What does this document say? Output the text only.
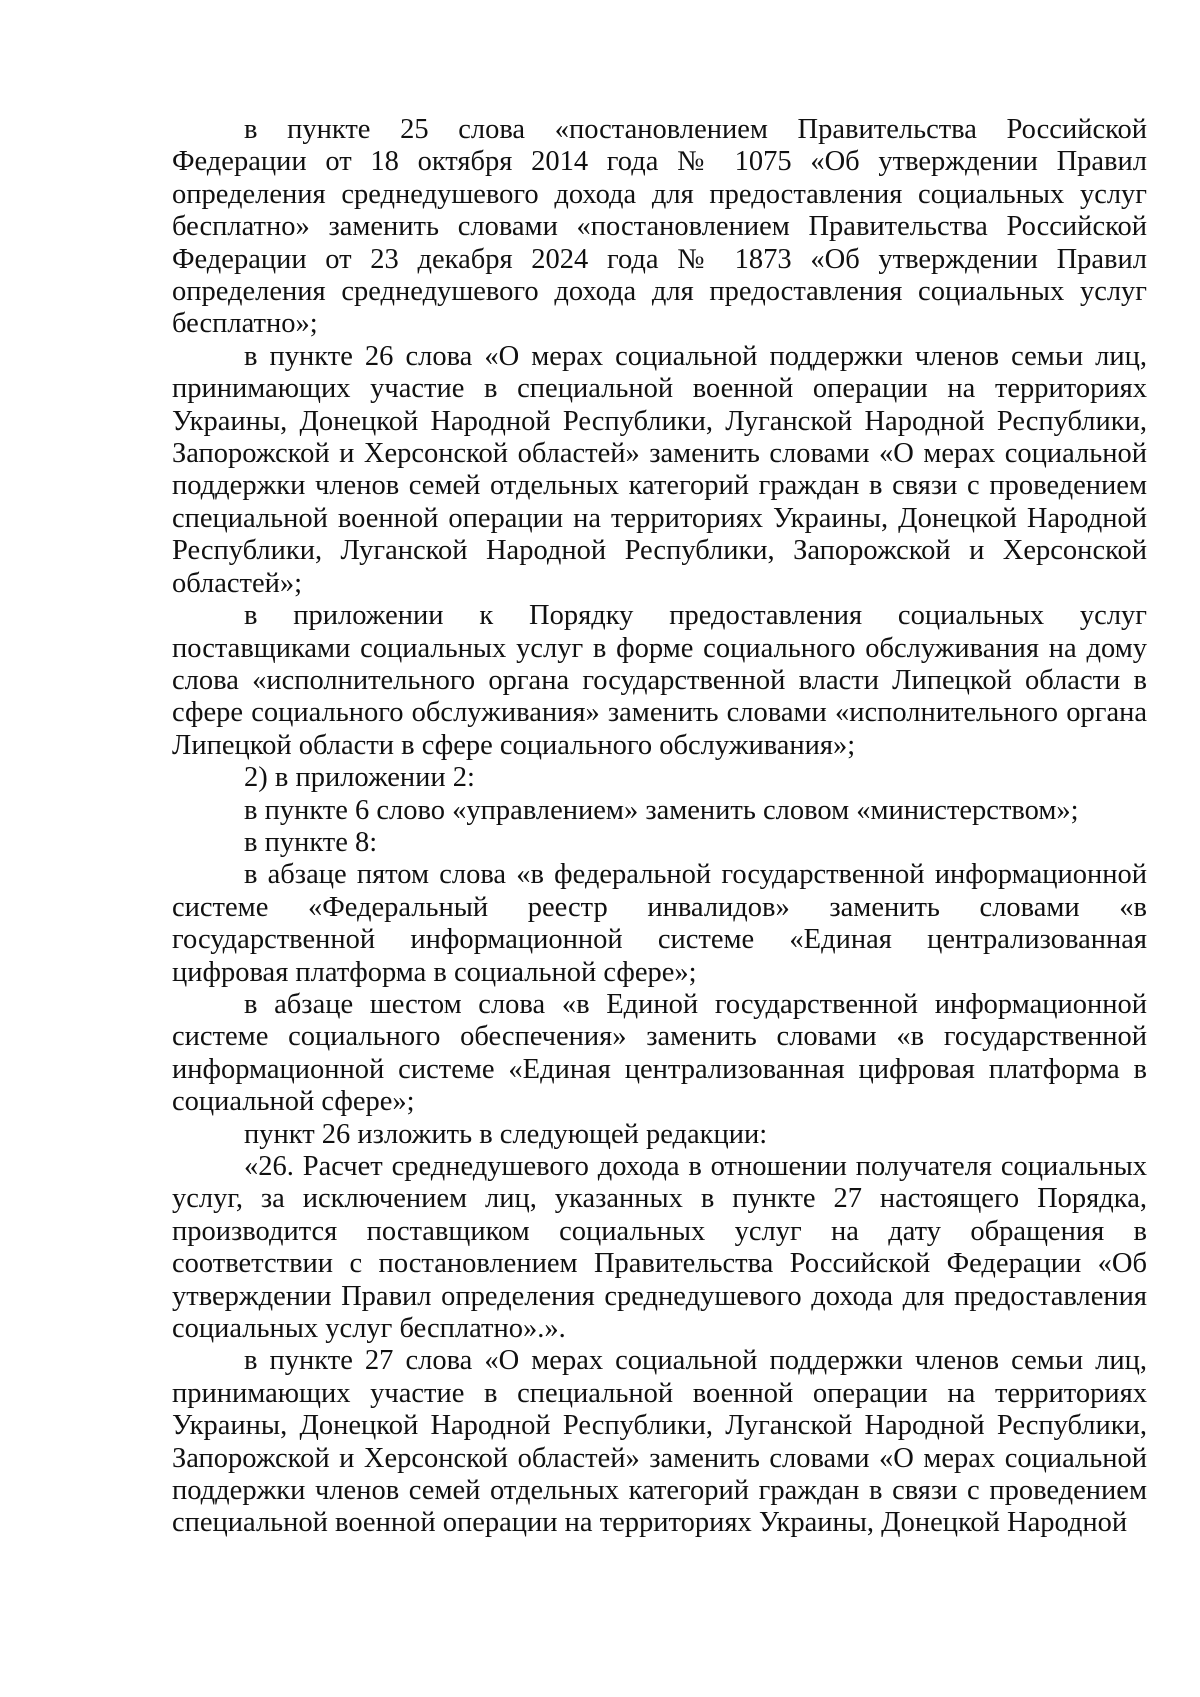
в пункте 25 слова «постановлением Правительства Российской Федерации от 18 октября 2014 года № 1075 «Об утверждении Правил определения среднедушевого дохода для предоставления социальных услуг бесплатно» заменить словами «постановлением Правительства Российской Федерации от 23 декабря 2024 года № 1873 «Об утверждении Правил определения среднедушевого дохода для предоставления социальных услуг бесплатно»;

в пункте 26 слова «О мерах социальной поддержки членов семьи лиц, принимающих участие в специальной военной операции на территориях Украины, Донецкой Народной Республики, Луганской Народной Республики, Запорожской и Херсонской областей» заменить словами «О мерах социальной поддержки членов семей отдельных категорий граждан в связи с проведением специальной военной операции на территориях Украины, Донецкой Народной Республики, Луганской Народной Республики, Запорожской и Херсонской областей»;

в приложении к Порядку предоставления социальных услуг поставщиками социальных услуг в форме социального обслуживания на дому слова «исполнительного органа государственной власти Липецкой области в сфере социального обслуживания» заменить словами «исполнительного органа Липецкой области в сфере социального обслуживания»;

2) в приложении 2:

в пункте 6 слово «управлением» заменить словом «министерством»;

в пункте 8:

в абзаце пятом слова «в федеральной государственной информационной системе «Федеральный реестр инвалидов» заменить словами «в государственной информационной системе «Единая централизованная цифровая платформа в социальной сфере»;

в абзаце шестом слова «в Единой государственной информационной системе социального обеспечения» заменить словами «в государственной информационной системе «Единая централизованная цифровая платформа в социальной сфере»;

пункт 26 изложить в следующей редакции:

«26. Расчет среднедушевого дохода в отношении получателя социальных услуг, за исключением лиц, указанных в пункте 27 настоящего Порядка, производится поставщиком социальных услуг на дату обращения в соответствии с постановлением Правительства Российской Федерации «Об утверждении Правил определения среднедушевого дохода для предоставления социальных услуг бесплатно».».

в пункте 27 слова «О мерах социальной поддержки членов семьи лиц, принимающих участие в специальной военной операции на территориях Украины, Донецкой Народной Республики, Луганской Народной Республики, Запорожской и Херсонской областей» заменить словами «О мерах социальной поддержки членов семей отдельных категорий граждан в связи с проведением специальной военной операции на территориях Украины, Донецкой Народной
